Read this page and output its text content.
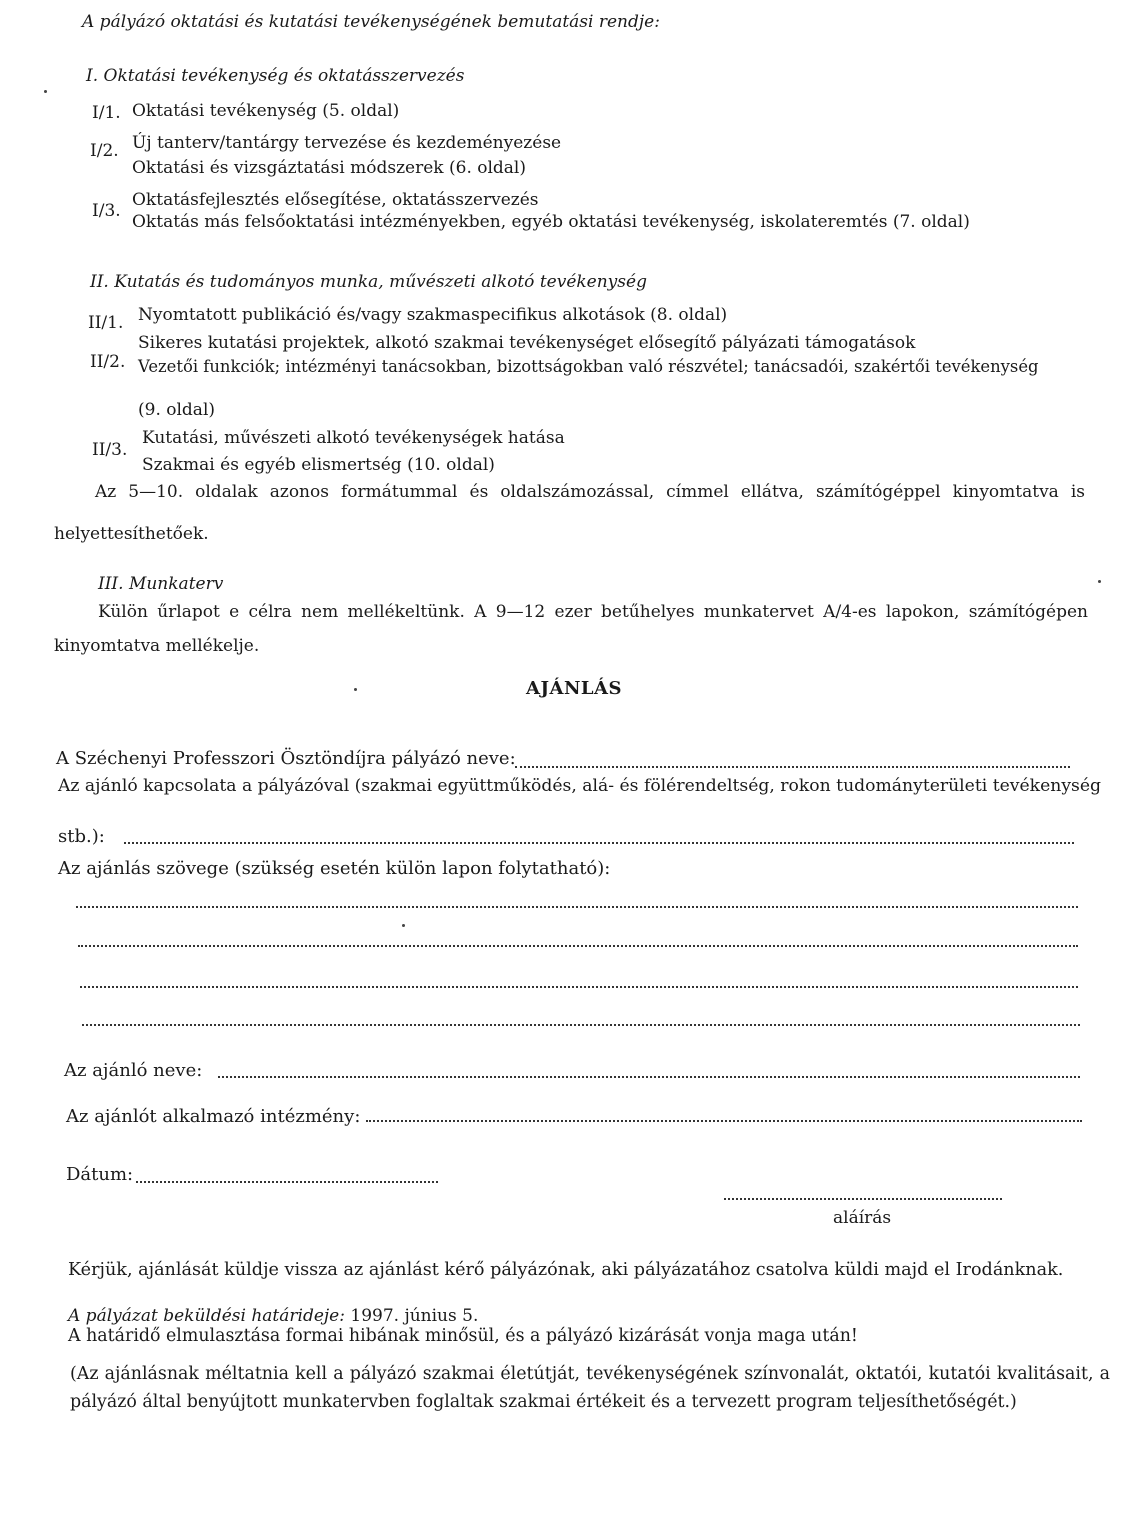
A pályázó oktatási és kutatási tevékenységének bemutatási rendje:
I. Oktatási tevékenység és oktatásszervezés
I/1. Oktatási tevékenység (5. oldal)
I/2. Új tanterv/tantárgy tervezése és kezdeményezése
Oktatási és vizsgáztatási módszerek (6. oldal)
I/3.
Oktatásfejlesztés elősegítése, oktatásszervezés
Oktatás más felsőoktatási intézményekben, egyéb oktatási tevékenység, iskolateremtés (7. oldal)
II. Kutatás és tudományos munka, művészeti alkotó tevékenység
II/1. Nyomtatott publikáció és/vagy szakmaspecifikus alkotások (8. oldal)
II/2.
Sikeres kutatási projektek, alkotó szakmai tevékenységet elősegítő pályázati támogatások
Vezetői funkciók; intézményi tanácsokban, bizottságokban való részvétel; tanácsadói, szakértői tevékenység
(9. oldal)
II/3.
Kutatási, művészeti alkotó tevékenységek hatása
Szakmai és egyéb elismertség (10. oldal)
Az 5—10. oldalak azonos formátummal és oldalszámozással, címmel ellátva, számítógéppel kinyomtatva is
helyettesíthetőek.
III. Munkaterv
Külön űrlapot e célra nem mellékeltünk. A 9—12 ezer betűhelyes munkatervet A/4-es lapokon, számítógépen
kinyomtatva mellékelje.
AJÁNLÁS
A Széchenyi Professzori Ösztöndíjra pályázó neve:
Az ajánló kapcsolata a pályázóval (szakmai együttműködés, alá- és fölérendeltség, rokon tudományterületi tevékenység
stb.):
Az ajánlás szövege (szükség esetén külön lapon folytatható):
Az ajánló neve:
Az ajánlót alkalmazó intézmény:
Dátum:
aláírás
Kérjük, ajánlását küldje vissza az ajánlást kérő pályázónak, aki pályázatához csatolva küldi majd el Irodánknak.
A pályázat beküldési határideje: 1997. június 5.
A határidő elmulasztása formai hibának minősül, és a pályázó kizárását vonja maga után!
(Az ajánlásnak méltatnia kell a pályázó szakmai életútját, tevékenységének színvonalát, oktatói, kutatói kvalitásait, a
pályázó által benyújtott munkatervben foglaltak szakmai értékeit és a tervezett program teljesíthetőségét.)
